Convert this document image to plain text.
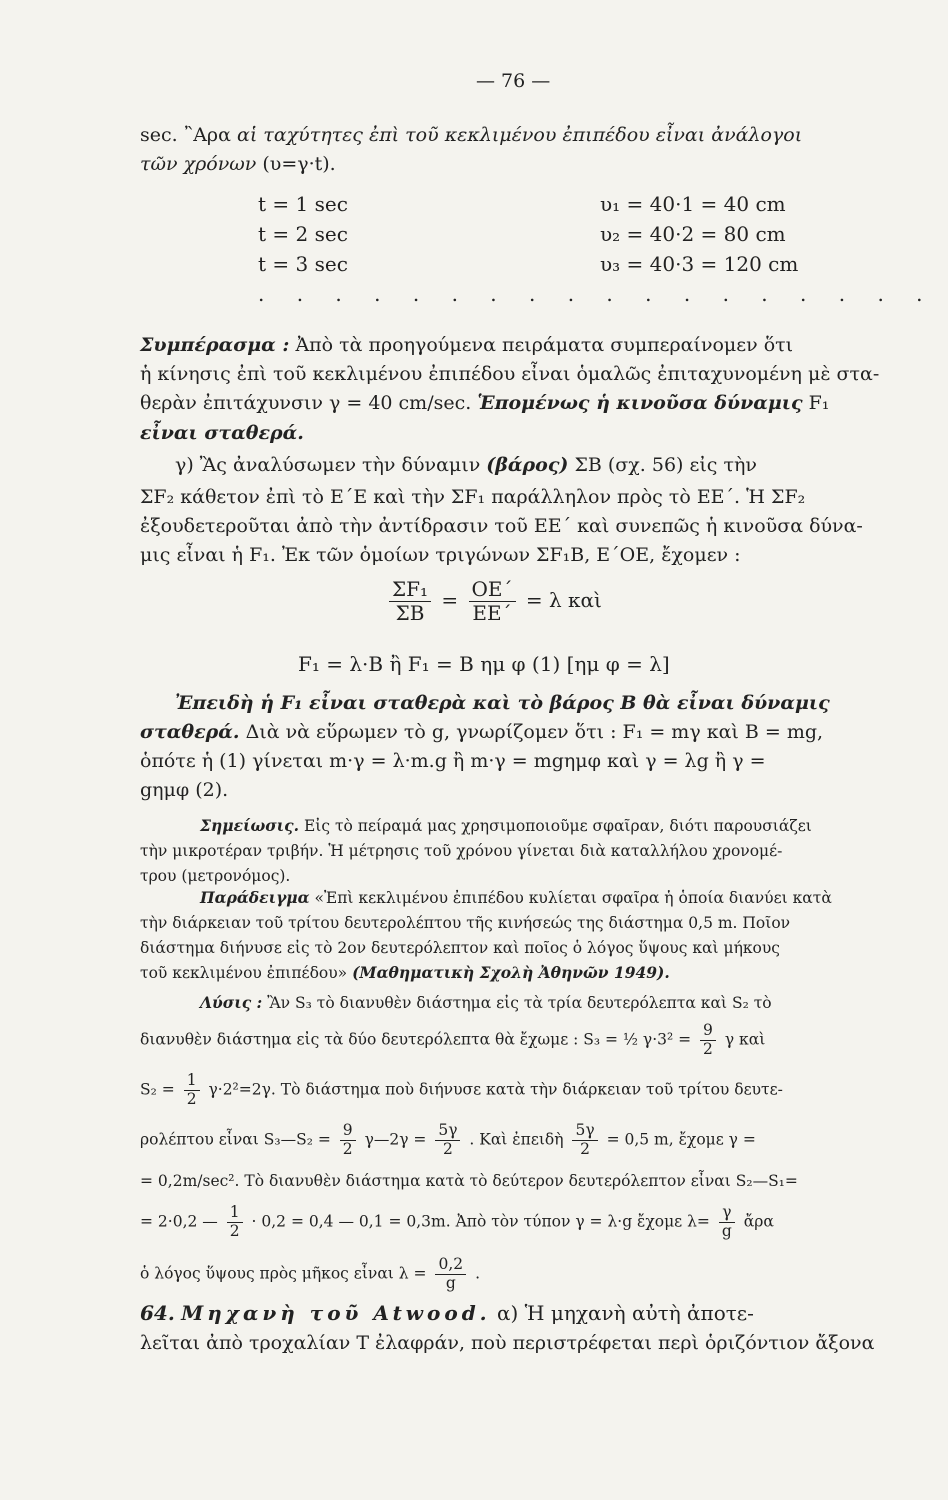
— 76 —
sec. ῍Αρα αἱ ταχύτητες ἐπὶ τοῦ κεκλιμένου ἐπιπέδου εἶναι ἀνάλογοι
τῶν χρόνων (υ=γ·t).
t = 1 sec	υ₁ = 40·1 = 40 cm
t = 2 sec	υ₂ = 40·2 = 80 cm
t = 3 sec	υ₃ = 40·3 = 120 cm
. . . . . . . . . . . . . . . . . .
Συμπέρασμα : Ἀπὸ τὰ προηγούμενα πειράματα συμπεραίνομεν ὅτι
ἡ κίνησις ἐπὶ τοῦ κεκλιμένου ἐπιπέδου εἶναι ὁμαλῶς ἐπιταχυνομένη μὲ στα-
θερὰν ἐπιτάχυνσιν γ = 40 cm/sec. Ἑπομένως ἡ κινοῦσα δύναμις F₁
εἶναι σταθερά.
γ) Ἂς ἀναλύσωμεν τὴν δύναμιν (βάρος) ΣΒ (σχ. 56) εἰς τὴν
ΣF₂ κάθετον ἐπὶ τὸ Ε΄Ε καὶ τὴν ΣF₁ παράλληλον πρὸς τὸ ΕΕ΄. Ἡ ΣF₂
ἐξουδετεροῦται ἀπὸ τὴν ἀντίδρασιν τοῦ ΕΕ΄ καὶ συνεπῶς ἡ κινοῦσα δύνα-
μις εἶναι ἡ F₁. Ἐκ τῶν ὁμοίων τριγώνων ΣF₁Β, Ε΄ΟΕ, ἔχομεν :
$\frac{\text{ΣF₁}}{\Sigma B} = \frac{OE΄}{EE΄} = \lambda$ καὶ
F₁ = λ·Β ἢ F₁ = Β ημ φ (1) [ημ φ = λ]
Ἐπειδὴ ἡ F₁ εἶναι σταθερὰ καὶ τὸ βάρος Β θὰ εἶναι δύναμις
σταθερά. Διὰ νὰ εὕρωμεν τὸ g, γνωρίζομεν ὅτι : F₁ = mγ καὶ Β = mg,
ὁπότε ἡ (1) γίνεται m·γ = λ·m.g ἢ m·γ = mgημφ καὶ γ = λg ἢ γ =
gημφ (2).
Σημείωσις. Εἰς τὸ πείραμά μας χρησιμοποιοῦμε σφαῖραν, διότι παρουσιάζει
τὴν μικροτέραν τριβήν. Ἡ μέτρησις τοῦ χρόνου γίνεται διὰ καταλλήλου χρονομέ-
τρου (μετρονόμος).
Παράδειγμα «Ἐπὶ κεκλιμένου ἐπιπέδου κυλίεται σφαῖρα ἡ ὁποία διανύει κατὰ
τὴν διάρκειαν τοῦ τρίτου δευτερολέπτου τῆς κινήσεώς της διάστημα 0,5 m. Ποῖον
διάστημα διήνυσε εἰς τὸ 2ον δευτερόλεπτον καὶ ποῖος ὁ λόγος ὕψους καὶ μήκους
τοῦ κεκλιμένου ἐπιπέδου» (Μαθηματικὴ Σχολὴ Ἀθηνῶν 1949).
Λύσις : Ἂν S₃ τὸ διανυθὲν διάστημα εἰς τὰ τρία δευτερόλεπτα καὶ S₂ τὸ
διανυθὲν διάστημα εἰς τὰ δύο δευτερόλεπτα θὰ ἔχωμε : S₃ = ½ $\gamma\cdot 3^2 = \frac{9}{2}$ γ καὶ
$S_2 = \frac{1}{2} \gamma\cdot 2^2=2\gamma$. Τὸ διάστημα ποὺ διήνυσε κατὰ τὴν διάρκειαν τοῦ τρίτου δευτε-
ρολέπτου εἶναι S₃—S₂ = $\frac{9}{2}$ γ—2γ = $\frac{5\gamma}{2}$ . Καὶ ἐπειδὴ $\frac{5\gamma}{2} = 0,5$ m, ἔχομε γ =
= 0,2m/sec². Τὸ διανυθὲν διάστημα κατὰ τὸ δεύτερον δευτερόλεπτον εἶναι S₂—S₁=
= 2·0,2 — $\frac{1}{2} \cdot 0,2 = 0,4$ — 0,1 = 0,3m. Ἀπὸ τὸν τύπον γ = λ·g ἔχομε $\lambda= \frac{\gamma}{g}$ ἄρα
ὁ λόγος ὕψους πρὸς μῆκος εἶναι $\lambda = \frac{0,2}{g}$ .
64. Μηχανὴ τοῦ Atwood. α) Ἡ μηχανὴ αὐτὴ ἀποτε-
λεῖται ἀπὸ τροχαλίαν Τ ἐλαφράν, ποὺ περιστρέφεται περὶ ὁριζόντιον ἄξονα
